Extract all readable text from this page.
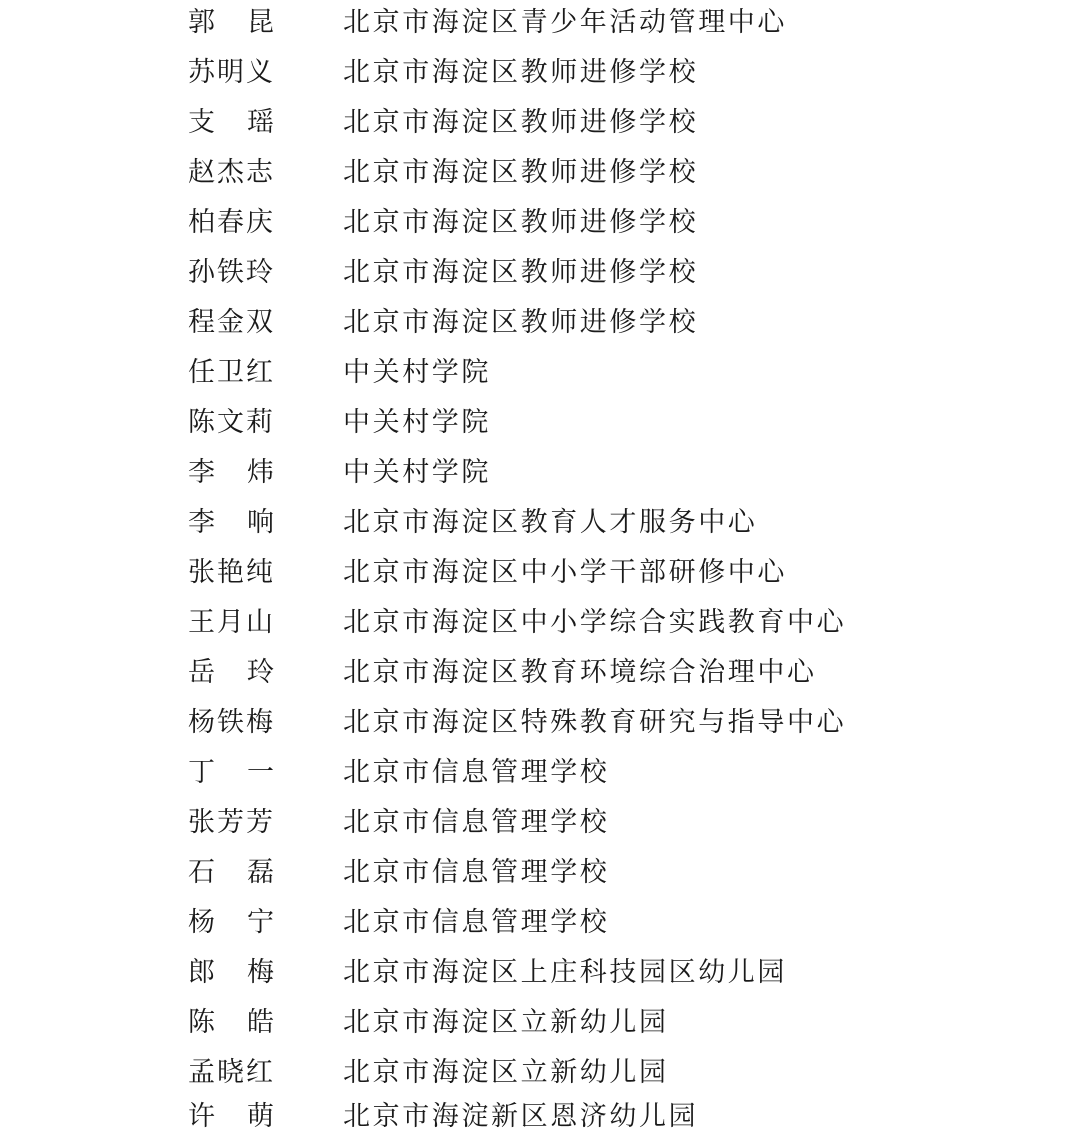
郭 昆	北京市海淀区青少年活动管理中心
苏明义	北京市海淀区教师进修学校
支 瑶	北京市海淀区教师进修学校
赵杰志	北京市海淀区教师进修学校
柏春庆	北京市海淀区教师进修学校
孙铁玲	北京市海淀区教师进修学校
程金双	北京市海淀区教师进修学校
任卫红	中关村学院
陈文莉	中关村学院
李 炜	中关村学院
李 响	北京市海淀区教育人才服务中心
张艳纯	北京市海淀区中小学干部研修中心
王月山	北京市海淀区中小学综合实践教育中心
岳 玲	北京市海淀区教育环境综合治理中心
杨铁梅	北京市海淀区特殊教育研究与指导中心
丁 一	北京市信息管理学校
张芳芳	北京市信息管理学校
石 磊	北京市信息管理学校
杨 宁	北京市信息管理学校
郎 梅	北京市海淀区上庄科技园区幼儿园
陈 皓	北京市海淀区立新幼儿园
孟晓红	北京市海淀区立新幼儿园
许 萌	北京市海淀新区恩济幼儿园
